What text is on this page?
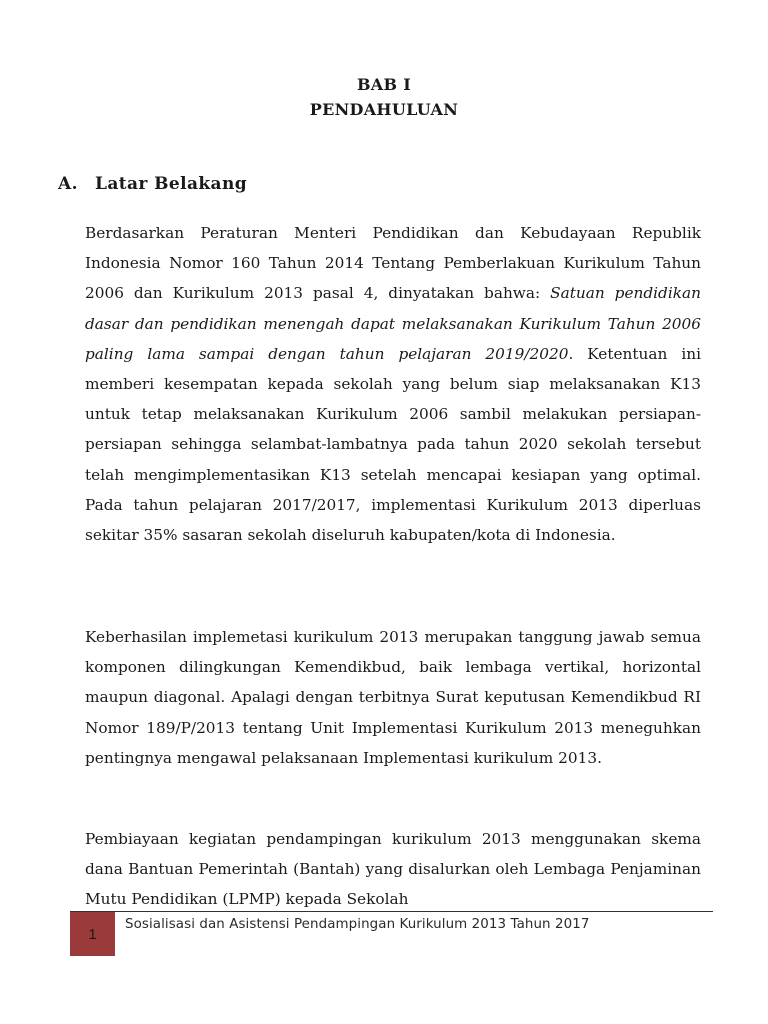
BAB I
PENDAHULUAN
A. Latar Belakang

Berdasarkan Peraturan Menteri Pendidikan dan Kebudayaan Republik Indonesia Nomor 160 Tahun 2014 Tentang Pemberlakuan Kurikulum Tahun 2006 dan Kurikulum 2013 pasal 4, dinyatakan bahwa: Satuan pendidikan dasar dan pendidikan menengah dapat melaksanakan Kurikulum Tahun 2006 paling lama sampai dengan tahun pelajaran 2019/2020. Ketentuan ini memberi kesempatan kepada sekolah yang belum siap melaksanakan K13 untuk tetap melaksanakan Kurikulum 2006 sambil melakukan persiapan-persiapan sehingga selambat-lambatnya pada tahun 2020 sekolah tersebut telah mengimplementasikan K13 setelah mencapai kesiapan yang optimal. Pada tahun pelajaran 2017/2017, implementasi Kurikulum 2013 diperluas sekitar 35% sasaran sekolah diseluruh kabupaten/kota di Indonesia.

Keberhasilan implemetasi kurikulum 2013 merupakan tanggung jawab semua komponen dilingkungan Kemendikbud, baik lembaga vertikal, horizontal maupun diagonal. Apalagi dengan terbitnya Surat keputusan Kemendikbud RI Nomor 189/P/2013 tentang Unit Implementasi Kurikulum 2013 meneguhkan pentingnya mengawal pelaksanaan Implementasi kurikulum 2013.

Pembiayaan kegiatan pendampingan kurikulum 2013 menggunakan skema dana Bantuan Pemerintah (Bantah) yang disalurkan oleh Lembaga Penjaminan Mutu Pendidikan (LPMP) kepada Sekolah

1
Sosialisasi dan Asistensi Pendampingan Kurikulum 2013 Tahun 2017
